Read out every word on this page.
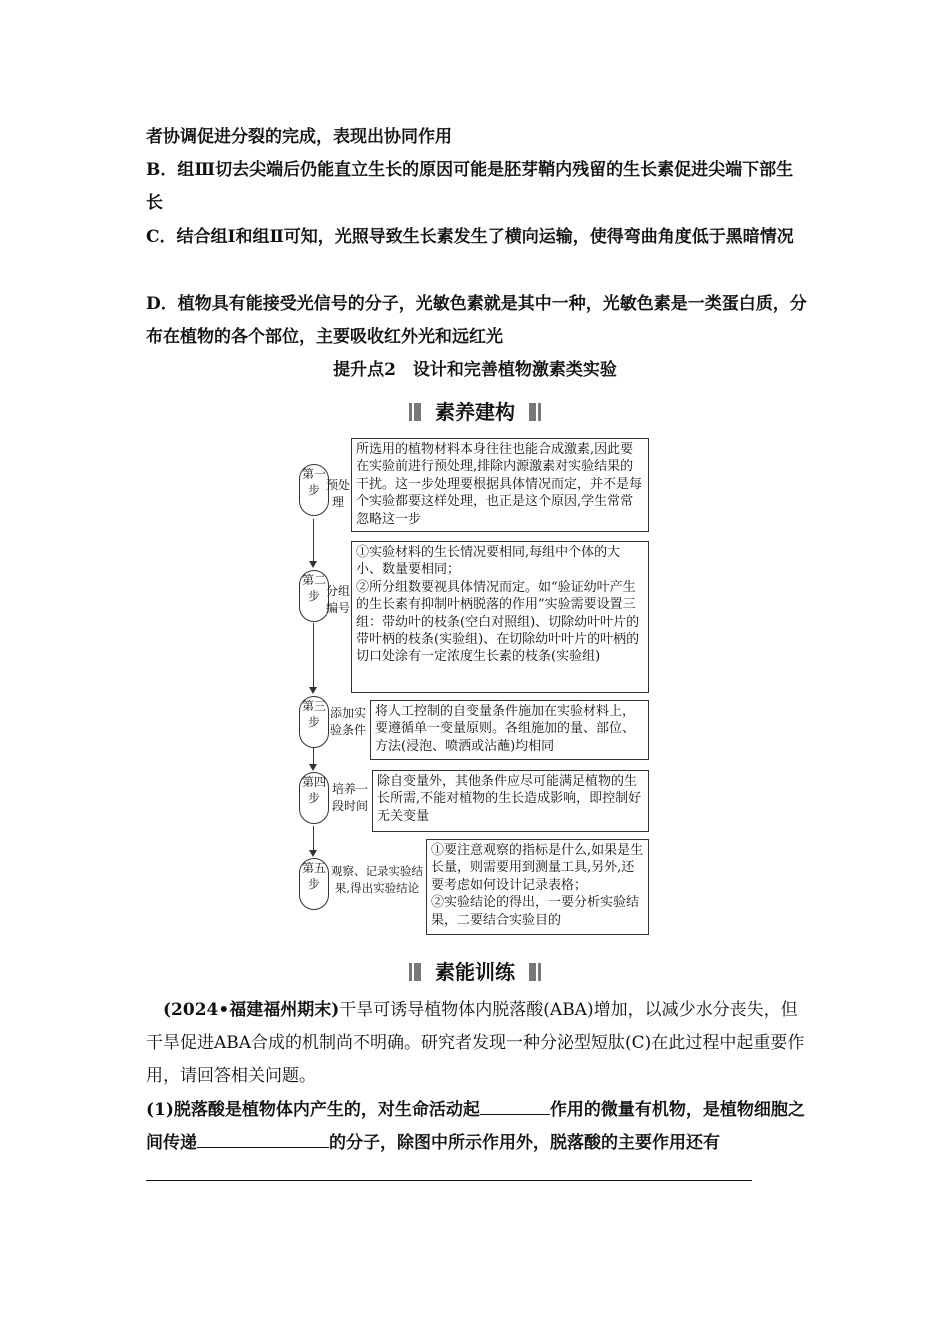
者协调促进分裂的完成，表现出协同作用

B．组Ⅲ切去尖端后仍能直立生长的原因可能是胚芽鞘内残留的生长素促进尖端下部生长

C．结合组Ⅰ和组Ⅱ可知，光照导致生长素发生了横向运输，使得弯曲角度低于黑暗情况

D．植物具有能接受光信号的分子，光敏色素就是其中一种，光敏色素是一类蛋白质，分布在植物的各个部位，主要吸收红外光和远红光

提升点2　设计和完善植物激素类实验
素养建构
第一步 预处理
所选用的植物材料本身往往也能合成激素,因此要在实验前进行预处理,排除内源激素对实验结果的干扰。这一步处理要根据具体情况而定，并不是每个实验都要这样处理，也正是这个原因,学生常常忽略这一步
第二步 分组编号
①实验材料的生长情况要相同,每组中个体的大小、数量要相同；
②所分组数要视具体情况而定。如“验证幼叶产生的生长素有抑制叶柄脱落的作用”实验需要设置三组：带幼叶的枝条(空白对照组)、切除幼叶叶片的带叶柄的枝条(实验组)、在切除幼叶叶片的叶柄的切口处涂有一定浓度生长素的枝条(实验组)
第三步
添加实验条件
将人工控制的自变量条件施加在实验材料上，要遵循单一变量原则。各组施加的量、部位、方法(浸泡、喷洒或沾蘸)均相同
第四步
培养一段时间
除自变量外，其他条件应尽可能满足植物的生长所需,不能对植物的生长造成影响，即控制好无关变量
第五步
观察、记录实验结果,得出实验结论
①要注意观察的指标是什么,如果是生长量，则需要用到测量工具,另外,还要考虑如何设计记录表格；
②实验结论的得出，一要分析实验结果，二要结合实验目的
素能训练

(2024•福建福州期末)干旱可诱导植物体内脱落酸(ABA)增加，以减少水分丧失，但干旱促进ABA合成的机制尚不明确。研究者发现一种分泌型短肽(C)在此过程中起重要作用，请回答相关问题。

(1)脱落酸是植物体内产生的，对生命活动起	作用的微量有机物，是植物细胞之间传递	的分子，除图中所示作用外，脱落酸的主要作用还有
